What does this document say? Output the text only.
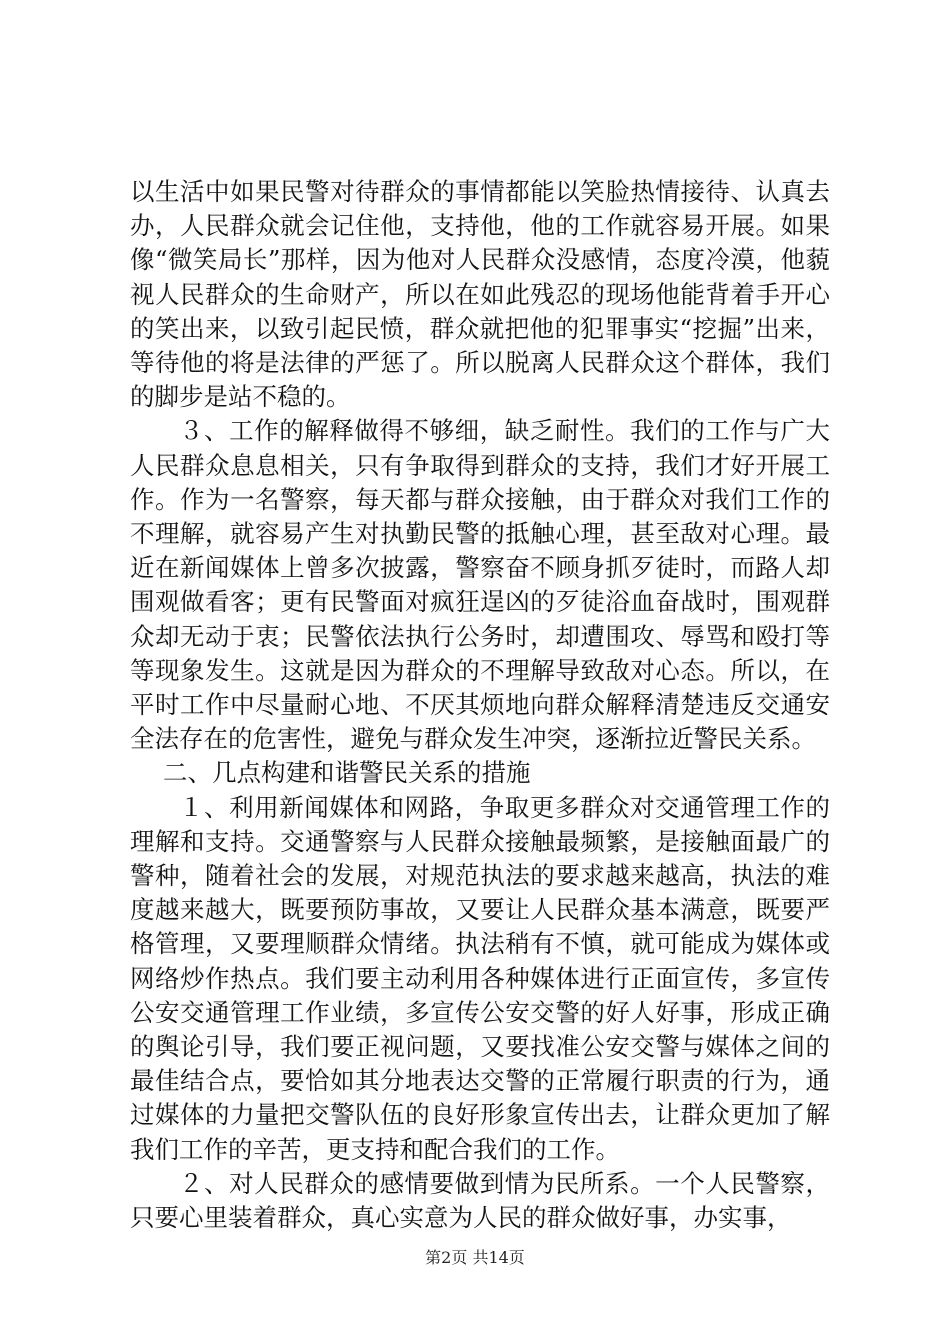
以生活中如果民警对待群众的事情都能以笑脸热情接待、认真去办，人民群众就会记住他，支持他，他的工作就容易开展。如果像“微笑局长”那样，因为他对人民群众没感情，态度冷漠，他藐视人民群众的生命财产，所以在如此残忍的现场他能背着手开心的笑出来，以致引起民愤，群众就把他的犯罪事实“挖掘”出来，等待他的将是法律的严惩了。所以脱离人民群众这个群体，我们的脚步是站不稳的。

３、工作的解释做得不够细，缺乏耐性。我们的工作与广大人民群众息息相关，只有争取得到群众的支持，我们才好开展工作。作为一名警察，每天都与群众接触，由于群众对我们工作的不理解，就容易产生对执勤民警的抵触心理，甚至敌对心理。最近在新闻媒体上曾多次披露，警察奋不顾身抓歹徒时，而路人却围观做看客；更有民警面对疯狂逞凶的歹徒浴血奋战时，围观群众却无动于衷；民警依法执行公务时，却遭围攻、辱骂和殴打等等现象发生。这就是因为群众的不理解导致敌对心态。所以，在平时工作中尽量耐心地、不厌其烦地向群众解释清楚违反交通安全法存在的危害性，避免与群众发生冲突，逐渐拉近警民关系。

二、几点构建和谐警民关系的措施

１、利用新闻媒体和网路，争取更多群众对交通管理工作的理解和支持。交通警察与人民群众接触最频繁，是接触面最广的警种，随着社会的发展，对规范执法的要求越来越高，执法的难度越来越大，既要预防事故，又要让人民群众基本满意，既要严格管理，又要理顺群众情绪。执法稍有不慎，就可能成为媒体或网络炒作热点。我们要主动利用各种媒体进行正面宣传，多宣传公安交通管理工作业绩，多宣传公安交警的好人好事，形成正确的舆论引导，我们要正视问题，又要找准公安交警与媒体之间的最佳结合点，要恰如其分地表达交警的正常履行职责的行为，通过媒体的力量把交警队伍的良好形象宣传出去，让群众更加了解我们工作的辛苦，更支持和配合我们的工作。

２、对人民群众的感情要做到情为民所系。一个人民警察，只要心里装着群众，真心实意为人民的群众做好事，办实事，

第2页 共14页
